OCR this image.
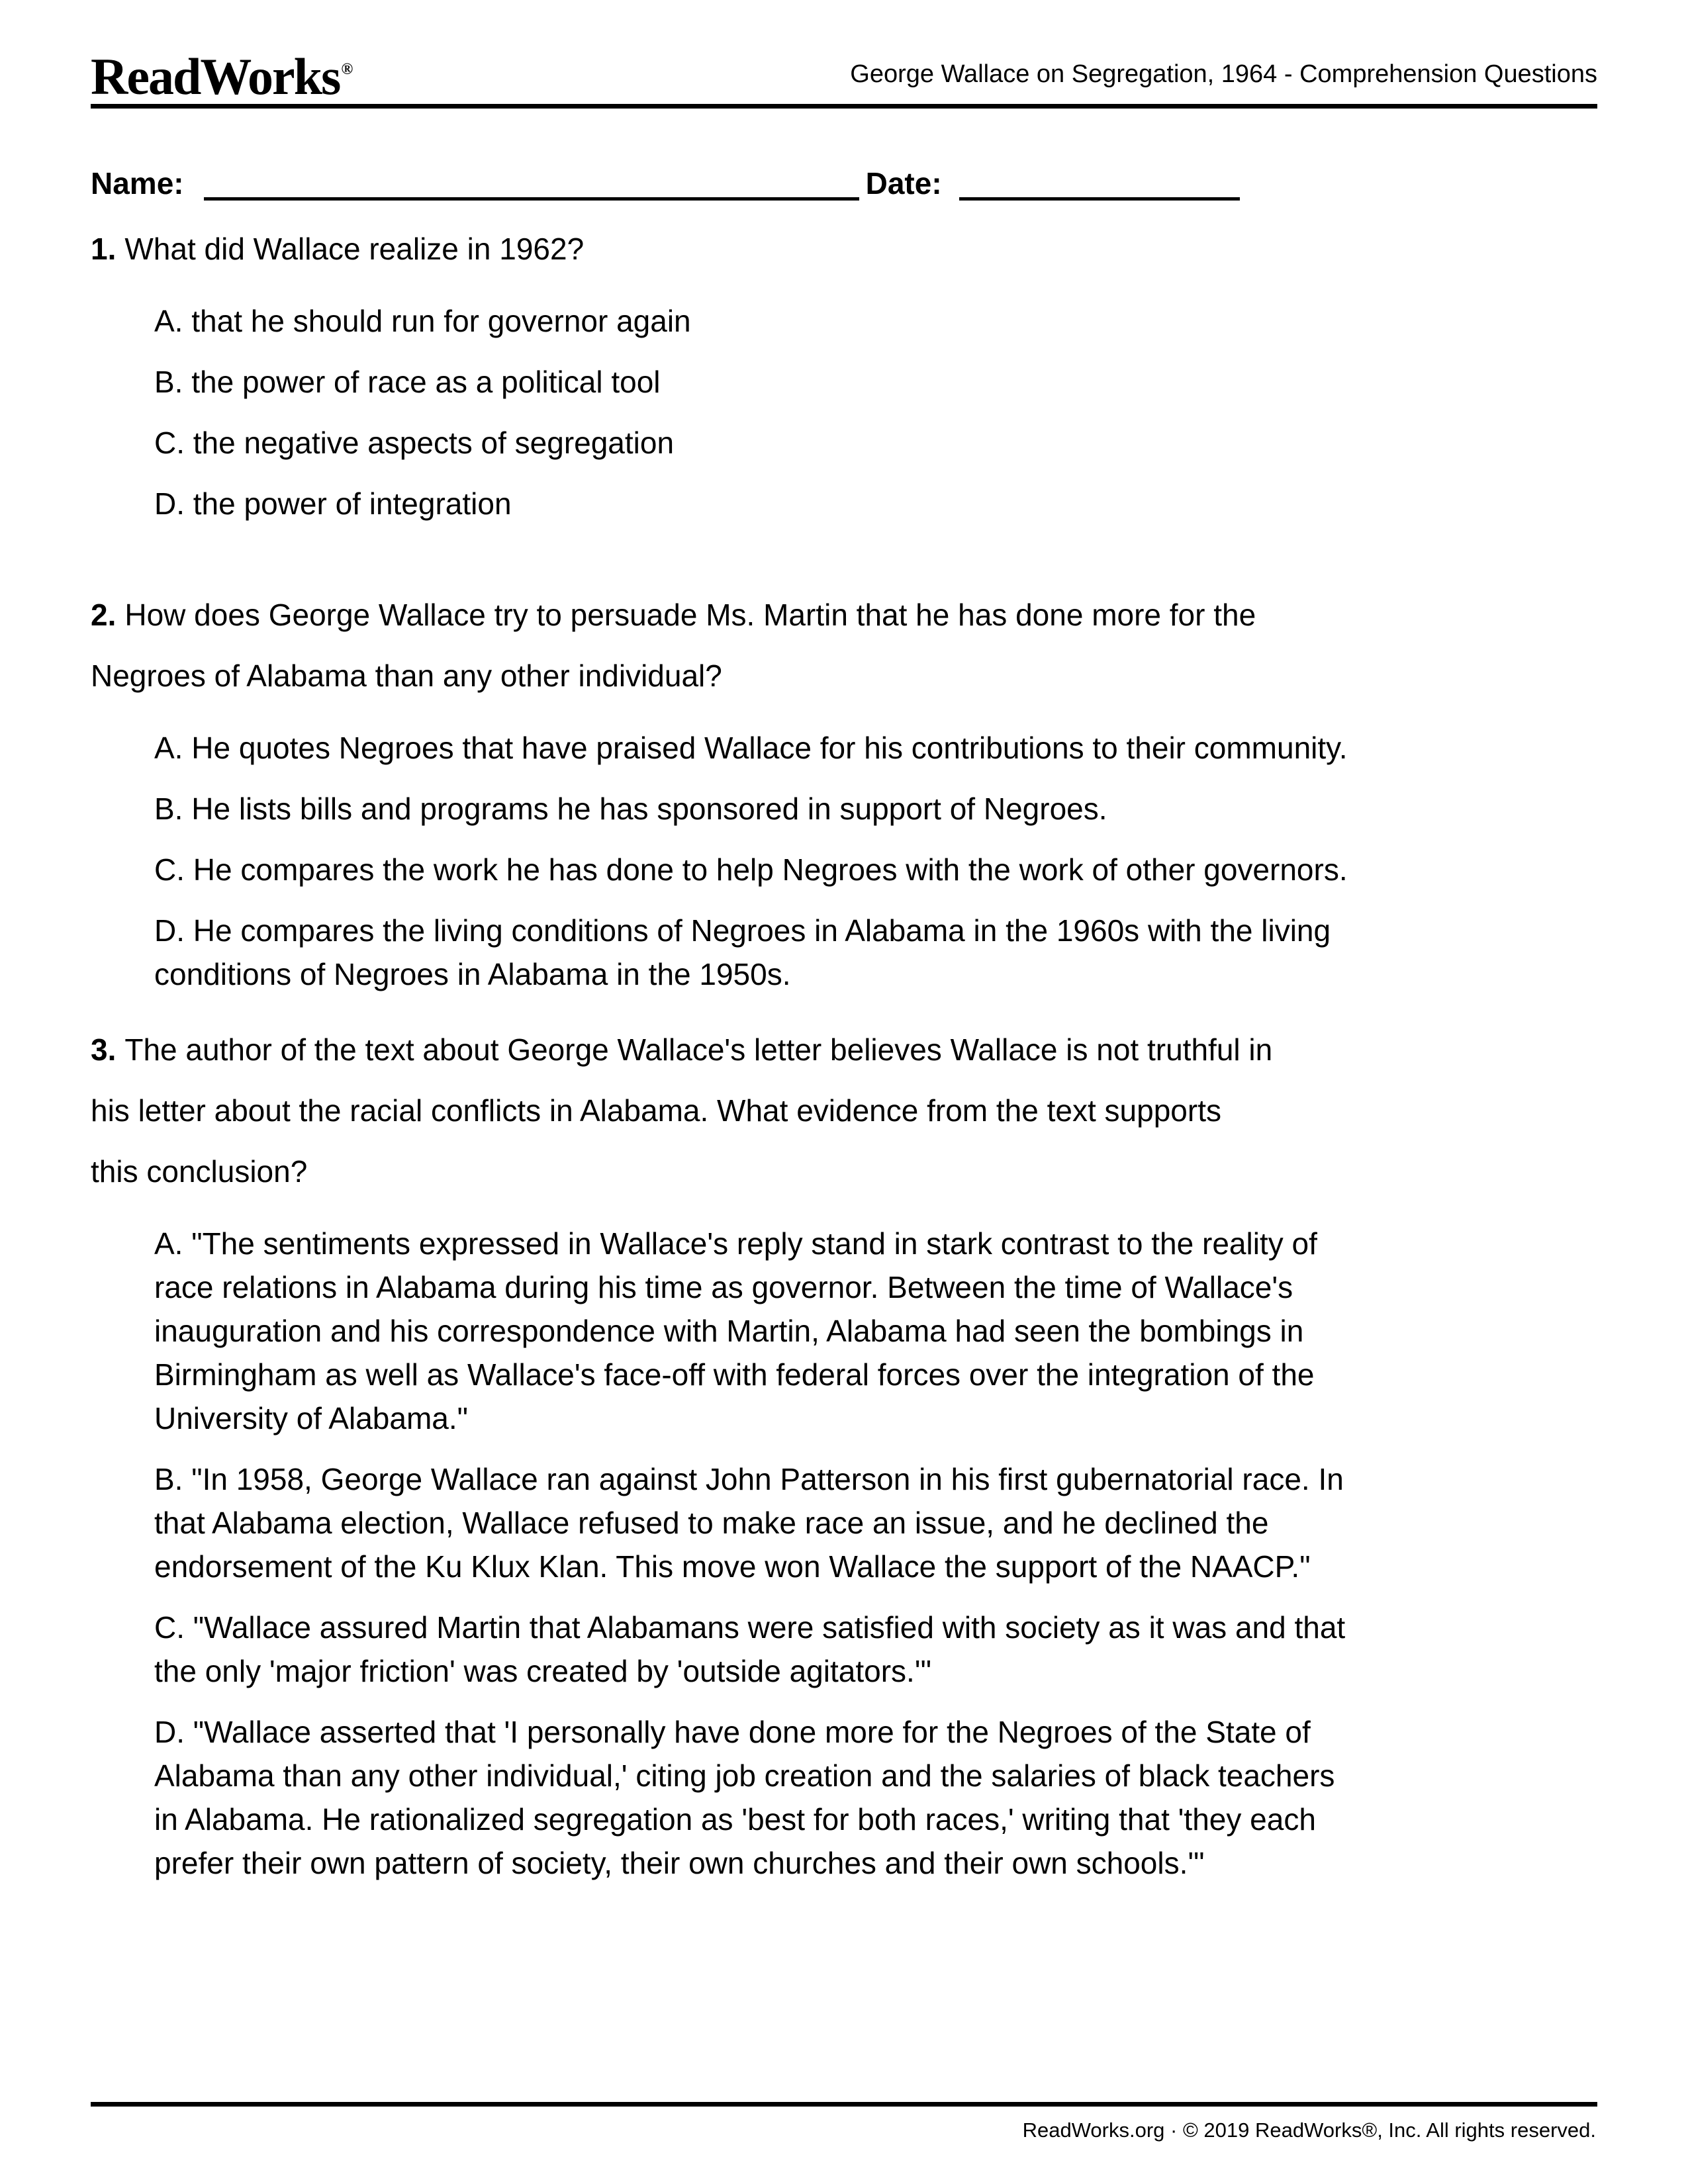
ReadWorks®	George Wallace on Segregation, 1964 - Comprehension Questions
Name:	Date:
1. What did Wallace realize in 1962?
A. that he should run for governor again
B. the power of race as a political tool
C. the negative aspects of segregation
D. the power of integration
2. How does George Wallace try to persuade Ms. Martin that he has done more for the
Negroes of Alabama than any other individual?
A. He quotes Negroes that have praised Wallace for his contributions to their community.
B. He lists bills and programs he has sponsored in support of Negroes.
C. He compares the work he has done to help Negroes with the work of other governors.
D. He compares the living conditions of Negroes in Alabama in the 1960s with the living
conditions of Negroes in Alabama in the 1950s.
3. The author of the text about George Wallace's letter believes Wallace is not truthful in
his letter about the racial conflicts in Alabama. What evidence from the text supports
this conclusion?
A. "The sentiments expressed in Wallace's reply stand in stark contrast to the reality of
race relations in Alabama during his time as governor. Between the time of Wallace's
inauguration and his correspondence with Martin, Alabama had seen the bombings in
Birmingham as well as Wallace's face-off with federal forces over the integration of the
University of Alabama."
B. "In 1958, George Wallace ran against John Patterson in his first gubernatorial race. In
that Alabama election, Wallace refused to make race an issue, and he declined the
endorsement of the Ku Klux Klan. This move won Wallace the support of the NAACP."
C. "Wallace assured Martin that Alabamans were satisfied with society as it was and that
the only 'major friction' was created by 'outside agitators.'"
D. "Wallace asserted that 'I personally have done more for the Negroes of the State of
Alabama than any other individual,' citing job creation and the salaries of black teachers
in Alabama. He rationalized segregation as 'best for both races,' writing that 'they each
prefer their own pattern of society, their own churches and their own schools.'"
ReadWorks.org · © 2019 ReadWorks®, Inc. All rights reserved.
